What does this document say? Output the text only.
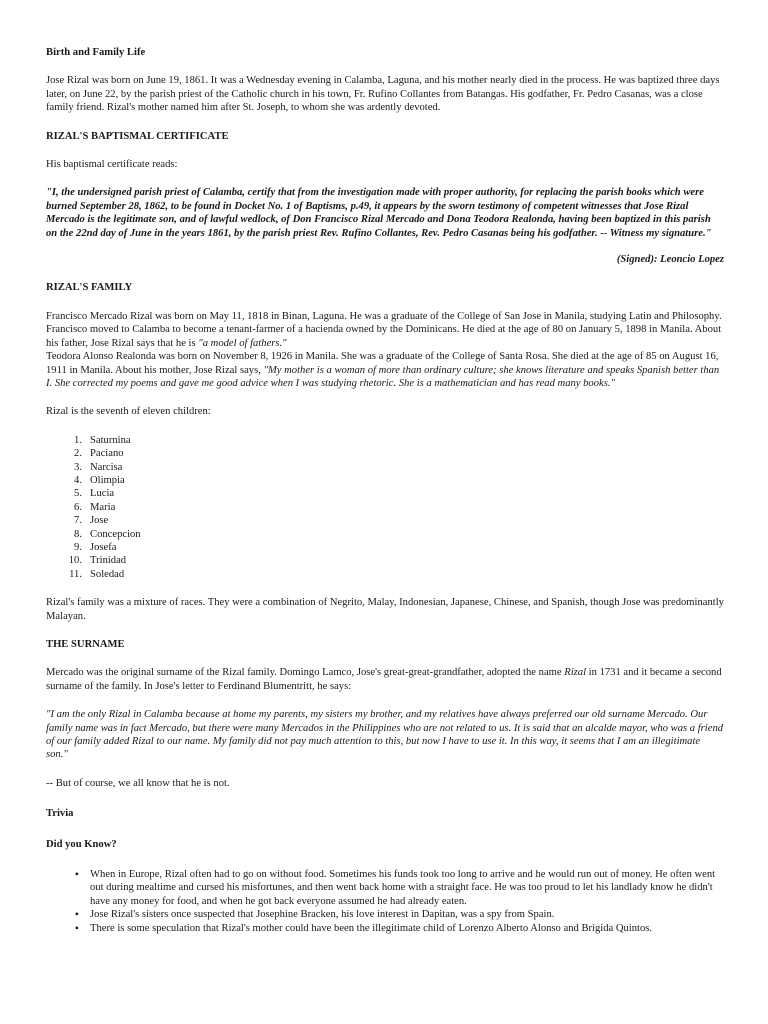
Birth and Family Life
Jose Rizal was born on June 19, 1861. It was a Wednesday evening in Calamba, Laguna, and his mother nearly died in the process. He was baptized three days later, on June 22, by the parish priest of the Catholic church in his town, Fr. Rufino Collantes from Batangas. His godfather, Fr. Pedro Casanas, was a close family friend. Rizal's mother named him after St. Joseph, to whom she was ardently devoted.
RIZAL'S BAPTISMAL CERTIFICATE
His baptismal certificate reads:
"I, the undersigned parish priest of Calamba, certify that from the investigation made with proper authority, for replacing the parish books which were burned September 28, 1862, to be found in Docket No. 1 of Baptisms, p.49, it appears by the sworn testimony of competent witnesses that Jose Rizal Mercado is the legitimate son, and of lawful wedlock, of Don Francisco Rizal Mercado and Dona Teodora Realonda, having been baptized in this parish on the 22nd day of June in the years 1861, by the parish priest Rev. Rufino Collantes, Rev. Pedro Casanas being his godfather. -- Witness my signature."
(Signed): Leoncio Lopez
RIZAL'S FAMILY
Francisco Mercado Rizal was born on May 11, 1818 in Binan, Laguna. He was a graduate of the College of San Jose in Manila, studying Latin and Philosophy. Francisco moved to Calamba to become a tenant-farmer of a hacienda owned by the Dominicans. He died at the age of 80 on January 5, 1898 in Manila. About his father, Jose Rizal says that he is "a model of fathers."
Teodora Alonso Realonda was born on November 8, 1926 in Manila. She was a graduate of the College of Santa Rosa. She died at the age of 85 on August 16, 1911 in Manila. About his mother, Jose Rizal says, "My mother is a woman of more than ordinary culture; she knows literature and speaks Spanish better than I. She corrected my poems and gave me good advice when I was studying rhetoric. She is a mathematician and has read many books."
Rizal is the seventh of eleven children:
1. Saturnina
2. Paciano
3. Narcisa
4. Olimpia
5. Lucia
6. Maria
7. Jose
8. Concepcion
9. Josefa
10. Trinidad
11. Soledad
Rizal's family was a mixture of races. They were a combination of Negrito, Malay, Indonesian, Japanese, Chinese, and Spanish, though Jose was predominantly Malayan.
THE SURNAME
Mercado was the original surname of the Rizal family. Domingo Lamco, Jose's great-great-grandfather, adopted the name Rizal in 1731 and it became a second surname of the family. In Jose's letter to Ferdinand Blumentritt, he says:
"I am the only Rizal in Calamba because at home my parents, my sisters my brother, and my relatives have always preferred our old surname Mercado. Our family name was in fact Mercado, but there were many Mercados in the Philippines who are not related to us. It is said that an alcalde mayor, who was a friend of our family added Rizal to our name. My family did not pay much attention to this, but now I have to use it. In this way, it seems that I am an illegitimate son."
-- But of course, we all know that he is not.
Trivia
Did you Know?
•	When in Europe, Rizal often had to go on without food. Sometimes his funds took too long to arrive and he would run out of money. He often went out during mealtime and cursed his misfortunes, and then went back home with a straight face. He was too proud to let his landlady know he didn't have any money for food, and when he got back everyone assumed he had already eaten.
•	Jose Rizal's sisters once suspected that Josephine Bracken, his love interest in Dapitan, was a spy from Spain.
•	There is some speculation that Rizal's mother could have been the illegitimate child of Lorenzo Alberto Alonso and Brigida Quintos.
